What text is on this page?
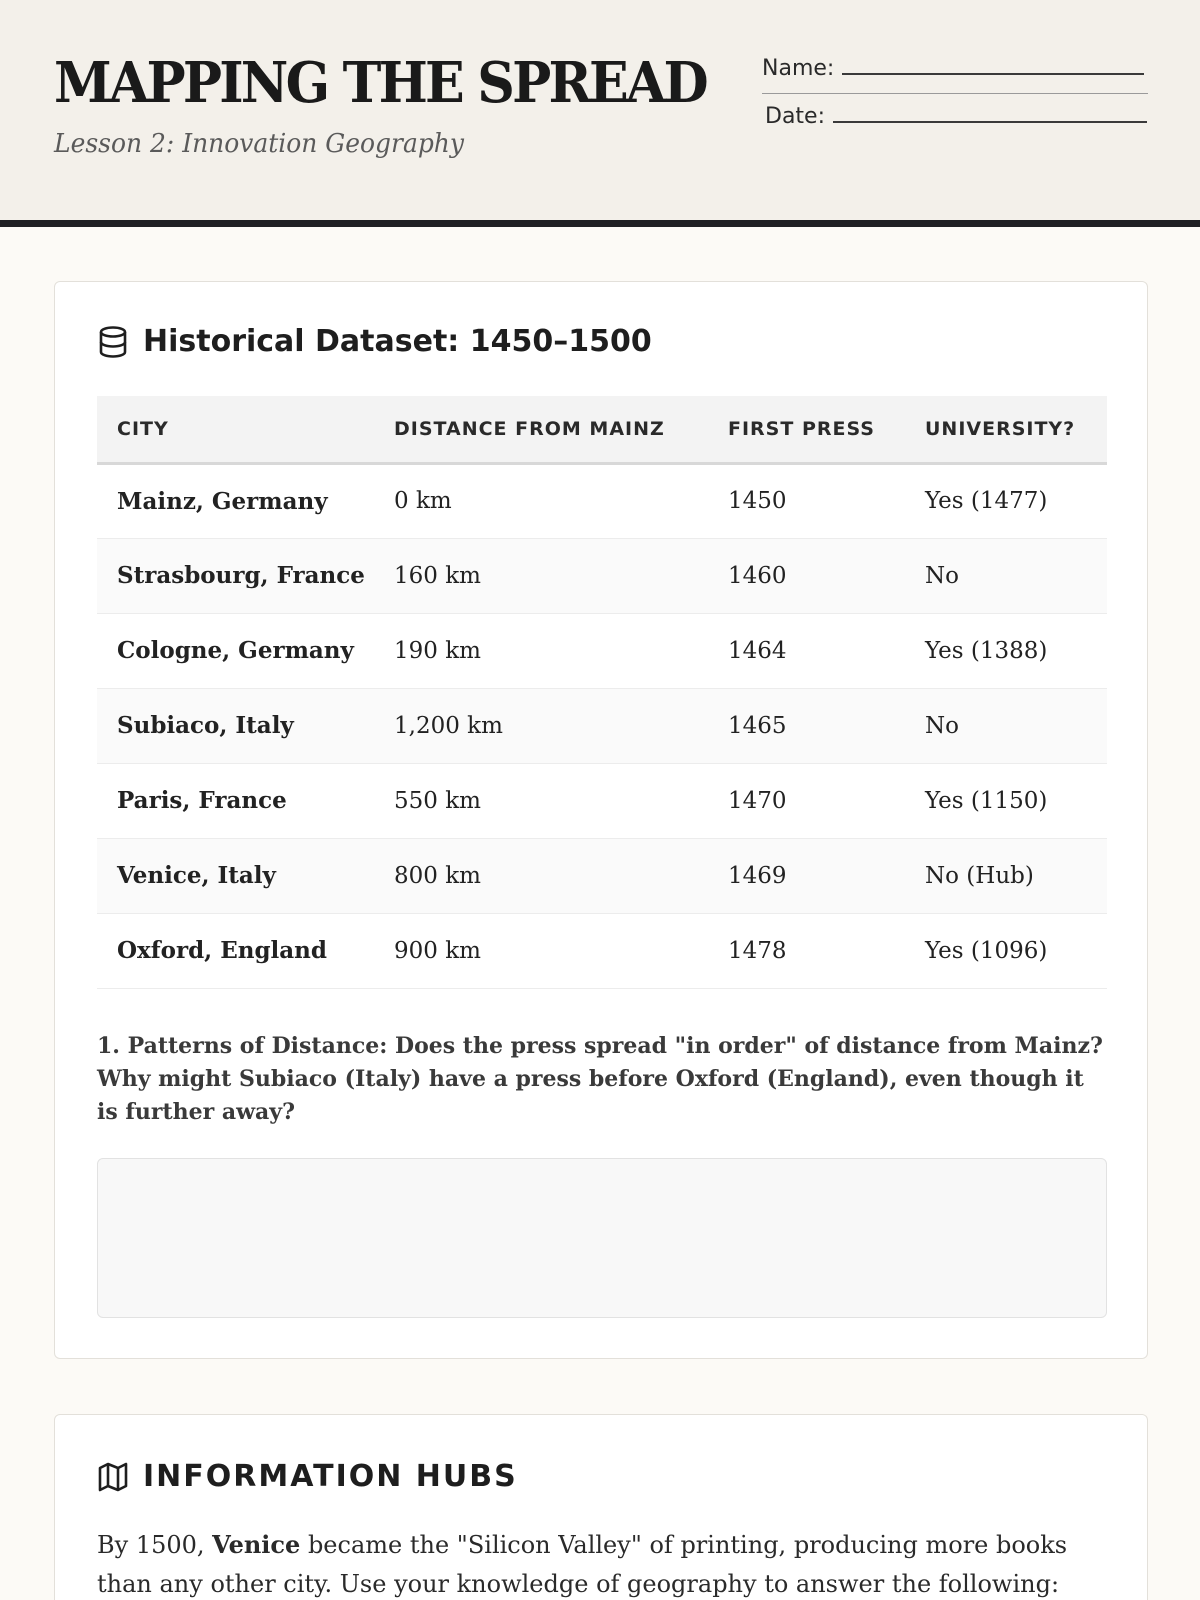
MAPPING THE SPREAD
Lesson 2: Innovation Geography
Name:
Date:
Historical Dataset: 1450–1500
CITY	DISTANCE FROM MAINZ	FIRST PRESS	UNIVERSITY?
Mainz, Germany	0 km	1450	Yes (1477)
Strasbourg, France	160 km	1460	No
Cologne, Germany	190 km	1464	Yes (1388)
Subiaco, Italy	1,200 km	1465	No
Paris, France	550 km	1470	Yes (1150)
Venice, Italy	800 km	1469	No (Hub)
Oxford, England	900 km	1478	Yes (1096)
1. Patterns of Distance: Does the press spread "in order" of distance from Mainz? Why might Subiaco (Italy) have a press before Oxford (England), even though it is further away?
INFORMATION HUBS

By 1500, Venice became the "Silicon Valley" of printing, producing more books than any other city. Use your knowledge of geography to answer the following:
